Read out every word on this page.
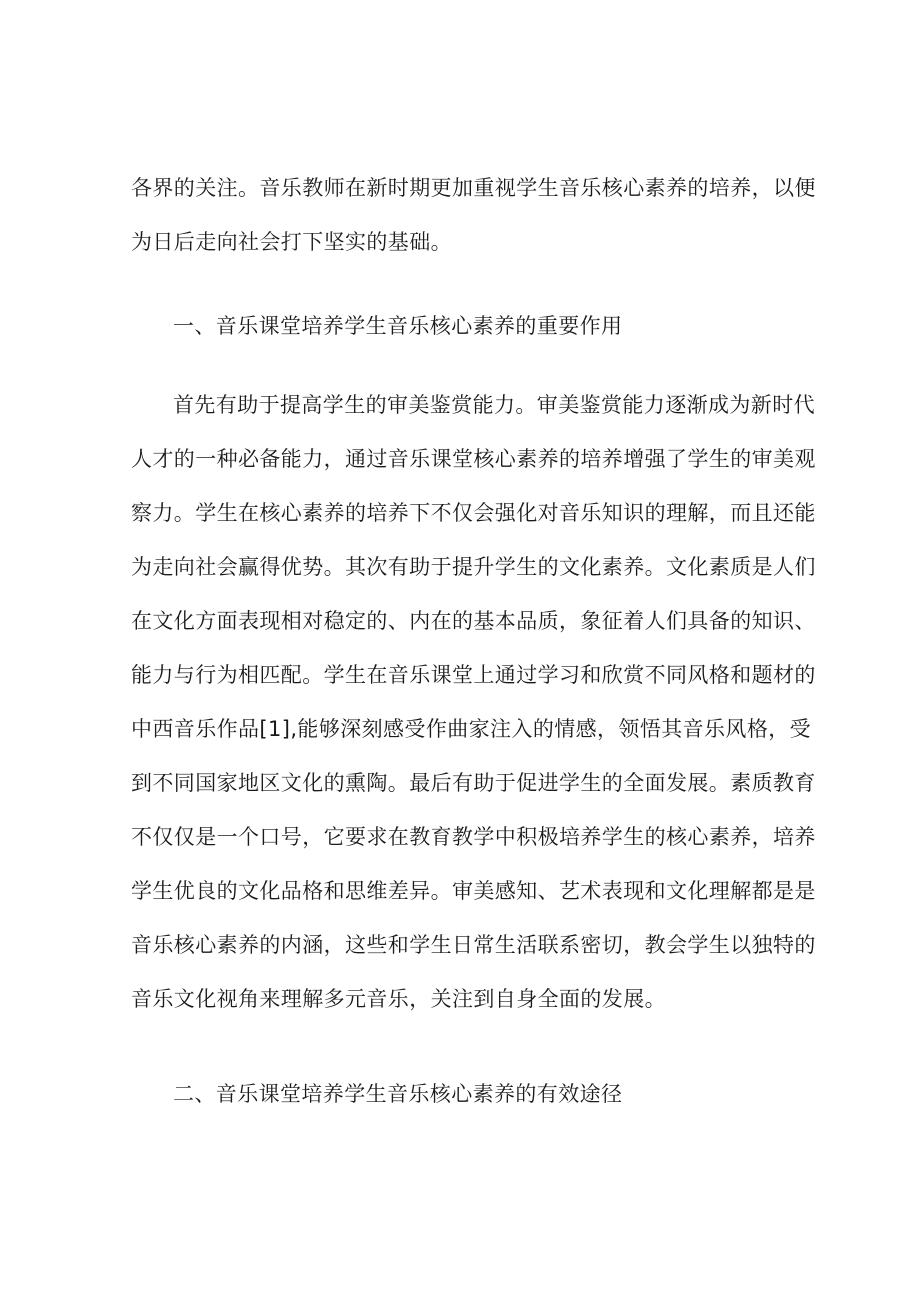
各界的关注。音乐教师在新时期更加重视学生音乐核心素养的培养，以便
为日后走向社会打下坚实的基础。
一、音乐课堂培养学生音乐核心素养的重要作用
首先有助于提高学生的审美鉴赏能力。审美鉴赏能力逐渐成为新时代
人才的一种必备能力，通过音乐课堂核心素养的培养增强了学生的审美观
察力。学生在核心素养的培养下不仅会强化对音乐知识的理解，而且还能
为走向社会赢得优势。其次有助于提升学生的文化素养。文化素质是人们
在文化方面表现相对稳定的、内在的基本品质，象征着人们具备的知识、
能力与行为相匹配。学生在音乐课堂上通过学习和欣赏不同风格和题材的
中西音乐作品[1],能够深刻感受作曲家注入的情感，领悟其音乐风格，受
到不同国家地区文化的熏陶。最后有助于促进学生的全面发展。素质教育
不仅仅是一个口号，它要求在教育教学中积极培养学生的核心素养，培养
学生优良的文化品格和思维差异。审美感知、艺术表现和文化理解都是是
音乐核心素养的内涵，这些和学生日常生活联系密切，教会学生以独特的
音乐文化视角来理解多元音乐，关注到自身全面的发展。
二、音乐课堂培养学生音乐核心素养的有效途径
